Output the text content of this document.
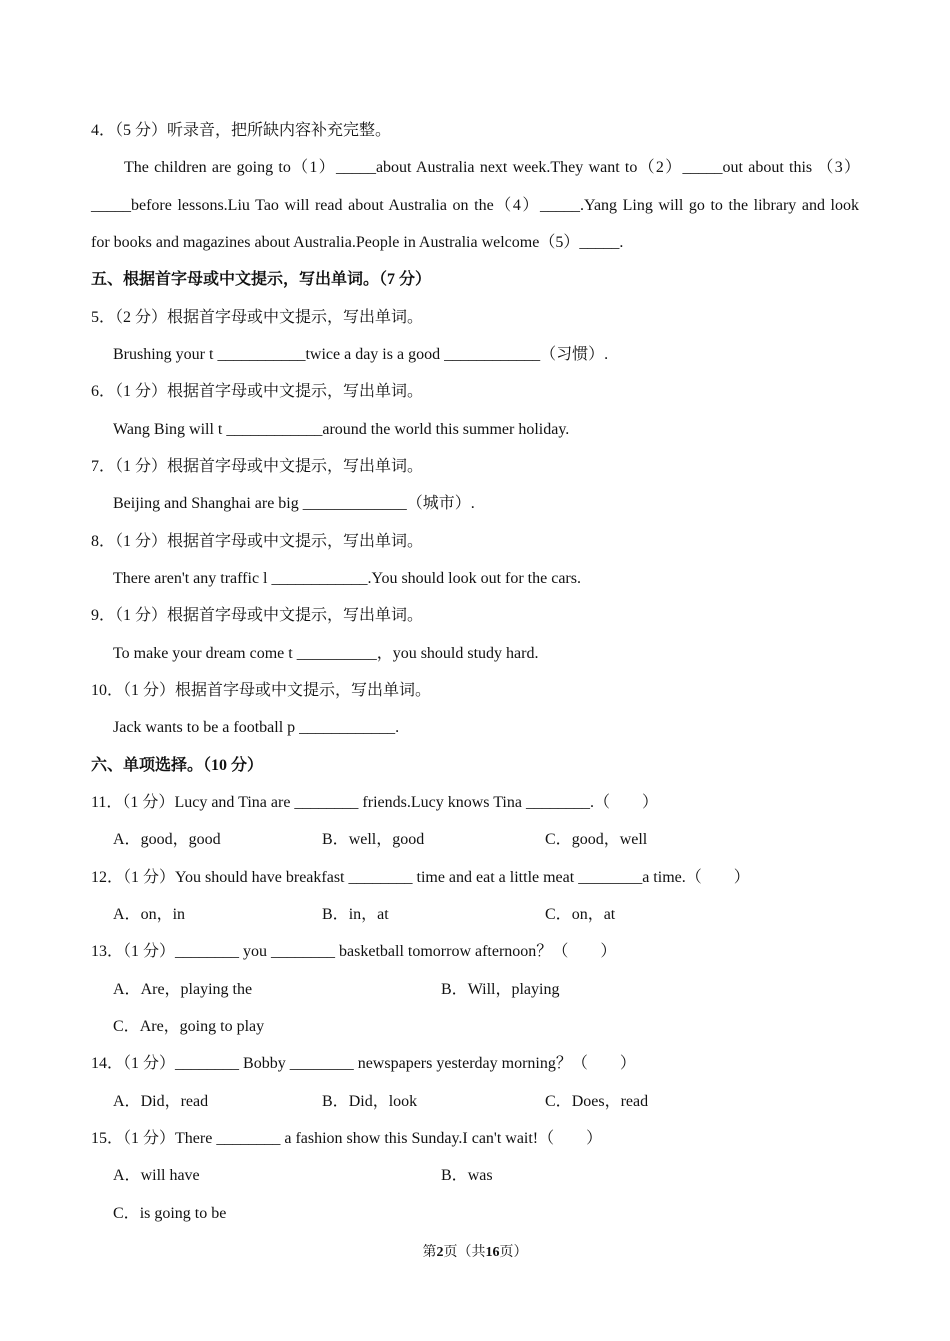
4．（5 分）听录音，把所缺内容补充完整。
The children are going to（1）_____about Australia next week.They want to（2）_____out about this （3）
_____before lessons.Liu Tao will read about Australia on the（4）_____.Yang Ling will go to the library and look
for books and magazines about Australia.People in Australia welcome（5）_____.
五、根据首字母或中文提示，写出单词。（7 分）
5．（2 分）根据首字母或中文提示，写出单词。
Brushing your t ___________twice a day is a good ____________（习惯）.
6．（1 分）根据首字母或中文提示，写出单词。
Wang Bing will t ____________around the world this summer holiday.
7．（1 分）根据首字母或中文提示，写出单词。
Beijing and Shanghai are big _____________（城市）.
8．（1 分）根据首字母或中文提示，写出单词。
There aren't any traffic l ____________.You should look out for the cars.
9．（1 分）根据首字母或中文提示，写出单词。
To make your dream come t __________，you should study hard.
10．（1 分）根据首字母或中文提示，写出单词。
Jack wants to be a football p ____________.
六、单项选择。（10 分）
11．（1 分）Lucy and Tina are ________ friends.Lucy knows Tina ________.（　　）
A．good，good	B．well，good	C．good，well
12．（1 分）You should have breakfast ________ time and eat a little meat ________a time.（　　）
A．on，in	B．in，at	C．on，at
13．（1 分）________ you ________ basketball tomorrow afternoon？（　　）
A．Are，playing the	B．Will，playing
C．Are，going to play
14．（1 分）________ Bobby ________ newspapers yesterday morning？（　　）
A．Did，read	B．Did，look	C．Does，read
15．（1 分）There ________ a fashion show this Sunday.I can't wait!（　　）
A．will have	B．was
C．is going to be
第2页（共16页）
